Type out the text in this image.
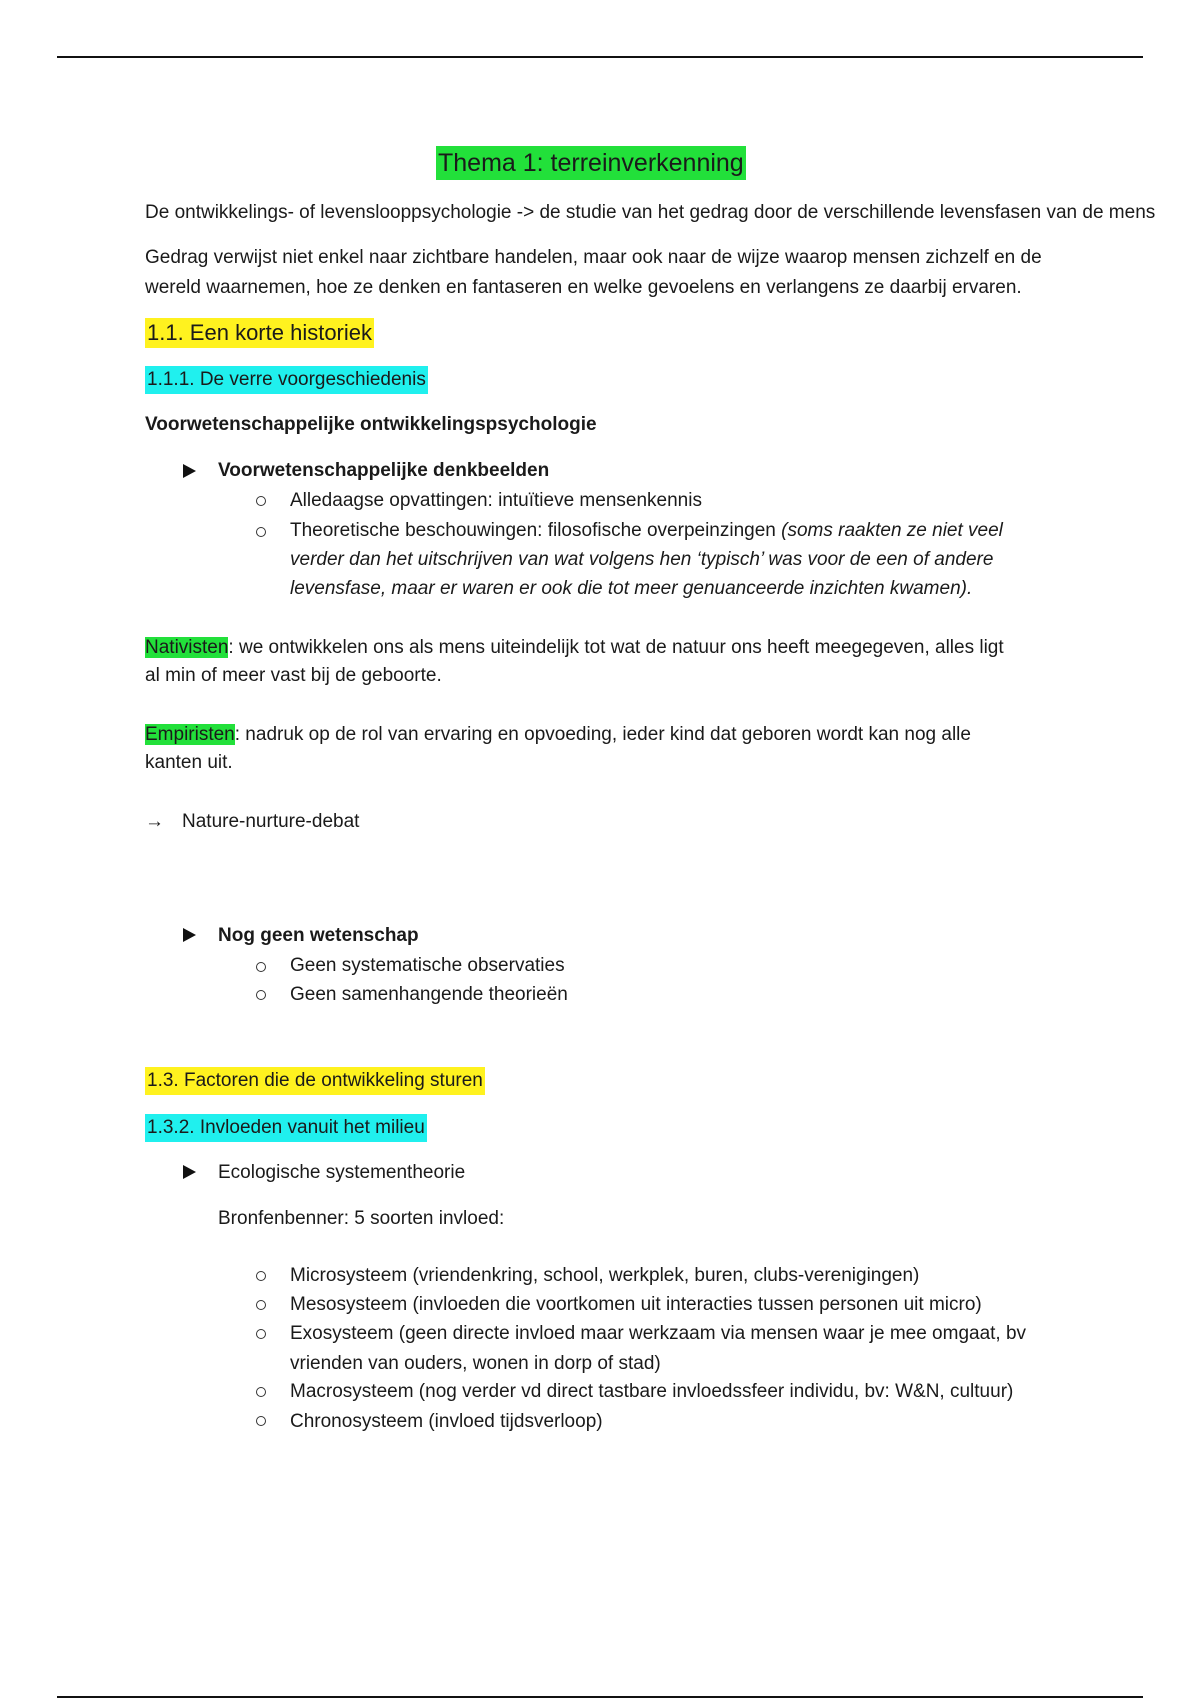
Thema 1: terreinverkenning
De ontwikkelings- of levenslooppsychologie -> de studie van het gedrag door de verschillende levensfasen van de mens
Gedrag verwijst niet enkel naar zichtbare handelen, maar ook naar de wijze waarop mensen zichzelf en de
wereld waarnemen, hoe ze denken en fantaseren en welke gevoelens en verlangens ze daarbij ervaren.
1.1. Een korte historiek
1.1.1. De verre voorgeschiedenis
Voorwetenschappelijke ontwikkelingspsychologie
Voorwetenschappelijke denkbeelden
Alledaagse opvattingen: intuïtieve mensenkennis
Theoretische beschouwingen: filosofische overpeinzingen (soms raakten ze niet veel
verder dan het uitschrijven van wat volgens hen ‘typisch’ was voor de een of andere
levensfase, maar er waren er ook die tot meer genuanceerde inzichten kwamen).
Nativisten: we ontwikkelen ons als mens uiteindelijk tot wat de natuur ons heeft meegegeven, alles ligt
al min of meer vast bij de geboorte.
Empiristen: nadruk op de rol van ervaring en opvoeding, ieder kind dat geboren wordt kan nog alle
kanten uit.
→ Nature-nurture-debat
Nog geen wetenschap
Geen systematische observaties
Geen samenhangende theorieën
1.3. Factoren die de ontwikkeling sturen
1.3.2. Invloeden vanuit het milieu
Ecologische systementheorie
Bronfenbenner: 5 soorten invloed:
Microsysteem (vriendenkring, school, werkplek, buren, clubs-verenigingen)
Mesosysteem (invloeden die voortkomen uit interacties tussen personen uit micro)
Exosysteem (geen directe invloed maar werkzaam via mensen waar je mee omgaat, bv
vrienden van ouders, wonen in dorp of stad)
Macrosysteem (nog verder vd direct tastbare invloedssfeer individu, bv: W&N, cultuur)
Chronosysteem (invloed tijdsverloop)
